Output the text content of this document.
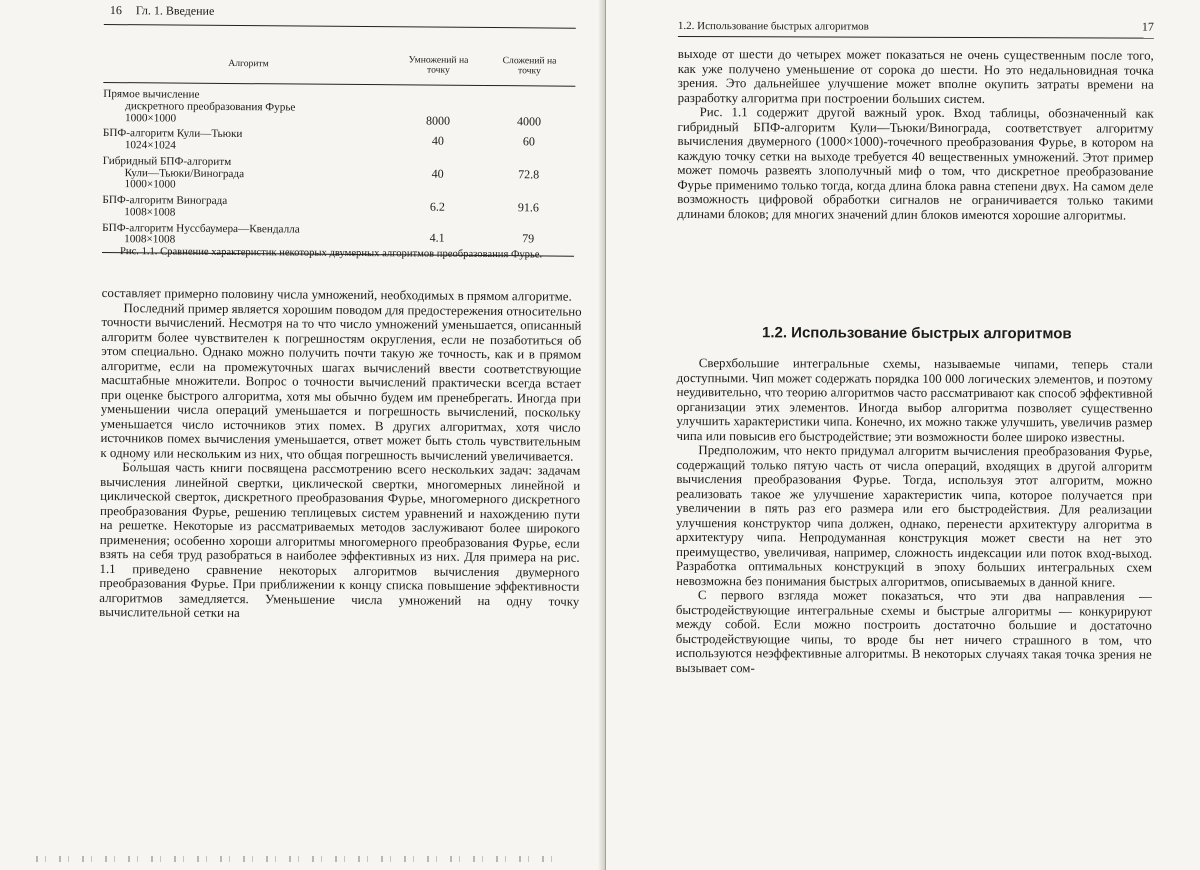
16 Гл. 1. Введение
Алгоритм	Умножений на точку	Сложений на точку
Прямое вычисление

дискретного преобразования Фурье
1000×1000	8000	4000
БПФ-алгоритм Кули—Тьюки

1024×1024	40	60
Гибридный БПФ-алгоритм

Кули—Тьюки/Винограда
1000×1000	40	72.8
БПФ-алгоритм Винограда

1008×1008	6.2	91.6
БПФ-алгоритм Нуссбаумера—Квендалла

1008×1008	4.1	79
Рис. 1.1. Сравнение характеристик некоторых двумерных алгоритмов преобразования Фурье.

составляет примерно половину числа умножений, необходимых в прямом алгоритме.

Последний пример является хорошим поводом для предостережения относительно точности вычислений. Несмотря на то что число умножений уменьшается, описанный алгоритм более чувствителен к погрешностям округления, если не позаботиться об этом специально. Однако можно получить почти такую же точность, как и в прямом алгоритме, если на промежуточных шагах вычислений ввести соответствующие масштабные множители. Вопрос о точности вычислений практически всегда встает при оценке быстрого алгоритма, хотя мы обычно будем им пренебрегать. Иногда при уменьшении числа операций уменьшается и погрешность вычислений, поскольку уменьшается число источников этих помех. В других алгоритмах, хотя число источников помех вычисления уменьшается, ответ может быть столь чувствительным к одному или нескольким из них, что общая погрешность вычислений увеличивается.

Бо́льшая часть книги посвящена рассмотрению всего нескольких задач: задачам вычисления линейной свертки, циклической свертки, многомерных линейной и циклической сверток, дискретного преобразования Фурье, многомерного дискретного преобразования Фурье, решению теплицевых систем уравнений и нахождению пути на решетке. Некоторые из рассматриваемых методов заслуживают более широкого применения; особенно хороши алгоритмы многомерного преобразования Фурье, если взять на себя труд разобраться в наиболее эффективных из них. Для примера на рис. 1.1 приведено сравнение некоторых алгоритмов вычисления двумерного преобразования Фурье. При приближении к концу списка повышение эффективности алгоритмов замедляется. Уменьшение числа умножений на одну точку вычислительной сетки на

1.2. Использование быстрых алгоритмов	17

выходе от шести до четырех может показаться не очень существенным после того, как уже получено уменьшение от сорока до шести. Но это недальновидная точка зрения. Это дальнейшее улучшение может вполне окупить затраты времени на разработку алгоритма при построении больших систем.

Рис. 1.1 содержит другой важный урок. Вход таблицы, обозначенный как гибридный БПФ-алгоритм Кули—Тьюки/Винограда, соответствует алгоритму вычисления двумерного (1000×1000)-точечного преобразования Фурье, в котором на каждую точку сетки на выходе требуется 40 вещественных умножений. Этот пример может помочь развеять злополучный миф о том, что дискретное преобразование Фурье применимо только тогда, когда длина блока равна степени двух. На самом деле возможность цифровой обработки сигналов не ограничивается только такими длинами блоков; для многих значений длин блоков имеются хорошие алгоритмы.

1.2. Использование быстрых алгоритмов

Сверхбольшие интегральные схемы, называемые чипами, теперь стали доступными. Чип может содержать порядка 100 000 логических элементов, и поэтому неудивительно, что теорию алгоритмов часто рассматривают как способ эффективной организации этих элементов. Иногда выбор алгоритма позволяет существенно улучшить характеристики чипа. Конечно, их можно также улучшить, увеличив размер чипа или повысив его быстродействие; эти возможности более широко известны.

Предположим, что некто придумал алгоритм вычисления преобразования Фурье, содержащий только пятую часть от числа операций, входящих в другой алгоритм вычисления преобразования Фурье. Тогда, используя этот алгоритм, можно реализовать такое же улучшение характеристик чипа, которое получается при увеличении в пять раз его размера или его быстродействия. Для реализации улучшения конструктор чипа должен, однако, перенести архитектуру алгоритма в архитектуру чипа. Непродуманная конструкция может свести на нет это преимущество, увеличивая, например, сложность индексации или поток вход-выход. Разработка оптимальных конструкций в эпоху больших интегральных схем невозможна без понимания быстрых алгоритмов, описываемых в данной книге.

С первого взгляда может показаться, что эти два направления — быстродействующие интегральные схемы и быстрые алгоритмы — конкурируют между собой. Если можно построить достаточно большие и достаточно быстродействующие чипы, то вроде бы нет ничего страшного в том, что используются неэффективные алгоритмы. В некоторых случаях такая точка зрения не вызывает сом-
